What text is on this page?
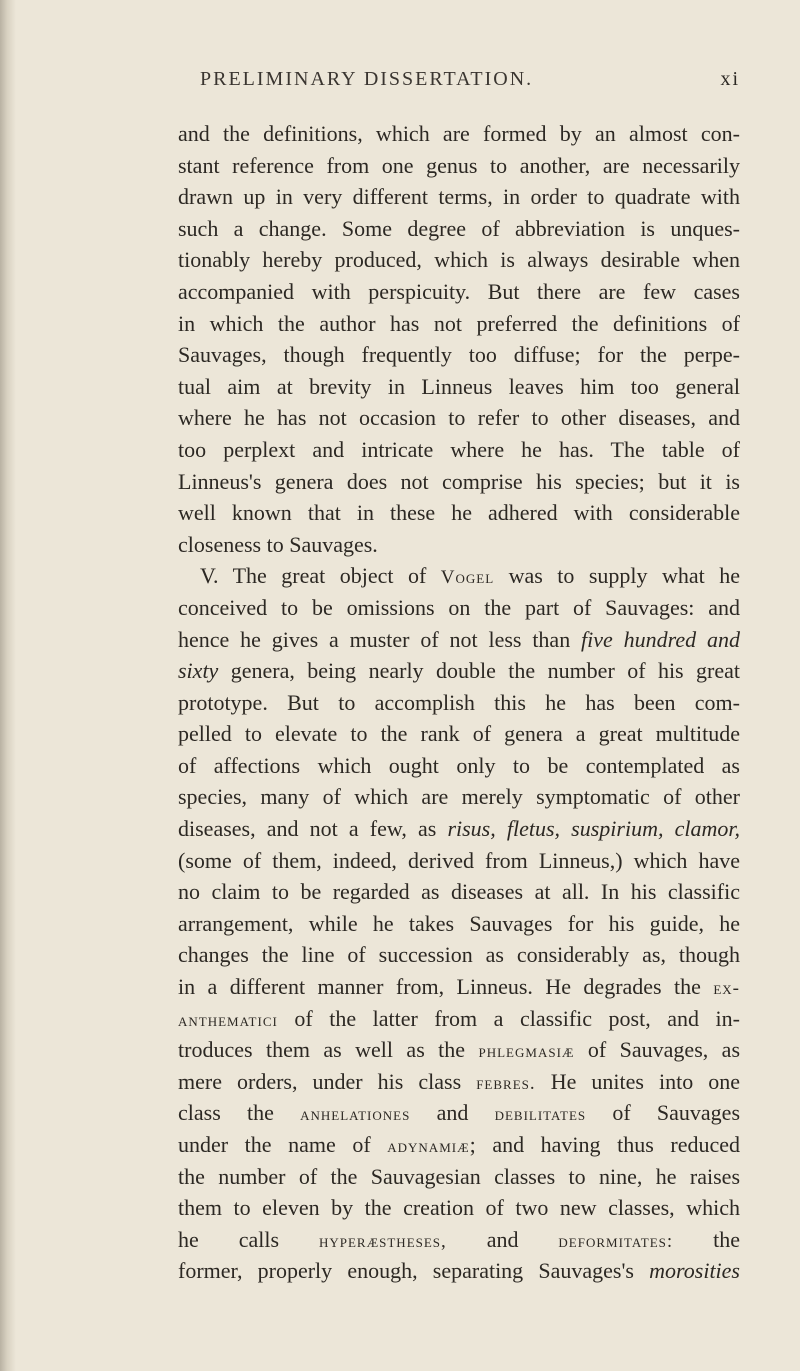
PRELIMINARY DISSERTATION.	xi
and the definitions, which are formed by an almost con-
stant reference from one genus to another, are necessarily
drawn up in very different terms, in order to quadrate with
such a change. Some degree of abbreviation is unques-
tionably hereby produced, which is always desirable when
accompanied with perspicuity. But there are few cases
in which the author has not preferred the definitions of
Sauvages, though frequently too diffuse; for the perpe-
tual aim at brevity in Linneus leaves him too general
where he has not occasion to refer to other diseases, and
too perplext and intricate where he has. The table of
Linneus's genera does not comprise his species; but it is
well known that in these he adhered with considerable
closeness to Sauvages.
V. The great object of Vogel was to supply what he
conceived to be omissions on the part of Sauvages: and
hence he gives a muster of not less than five hundred and
sixty genera, being nearly double the number of his great
prototype. But to accomplish this he has been com-
pelled to elevate to the rank of genera a great multitude
of affections which ought only to be contemplated as
species, many of which are merely symptomatic of other
diseases, and not a few, as risus, fletus, suspirium, clamor,
(some of them, indeed, derived from Linneus,) which have
no claim to be regarded as diseases at all. In his classific
arrangement, while he takes Sauvages for his guide, he
changes the line of succession as considerably as, though
in a different manner from, Linneus. He degrades the ex-
anthematici of the latter from a classific post, and in-
troduces them as well as the phlegmasiæ of Sauvages, as
mere orders, under his class febres. He unites into one
class the anhelationes and debilitates of Sauvages
under the name of adynamiæ; and having thus reduced
the number of the Sauvagesian classes to nine, he raises
them to eleven by the creation of two new classes, which
he calls hyperæstheses, and deformitates: the
former, properly enough, separating Sauvages's morosities
